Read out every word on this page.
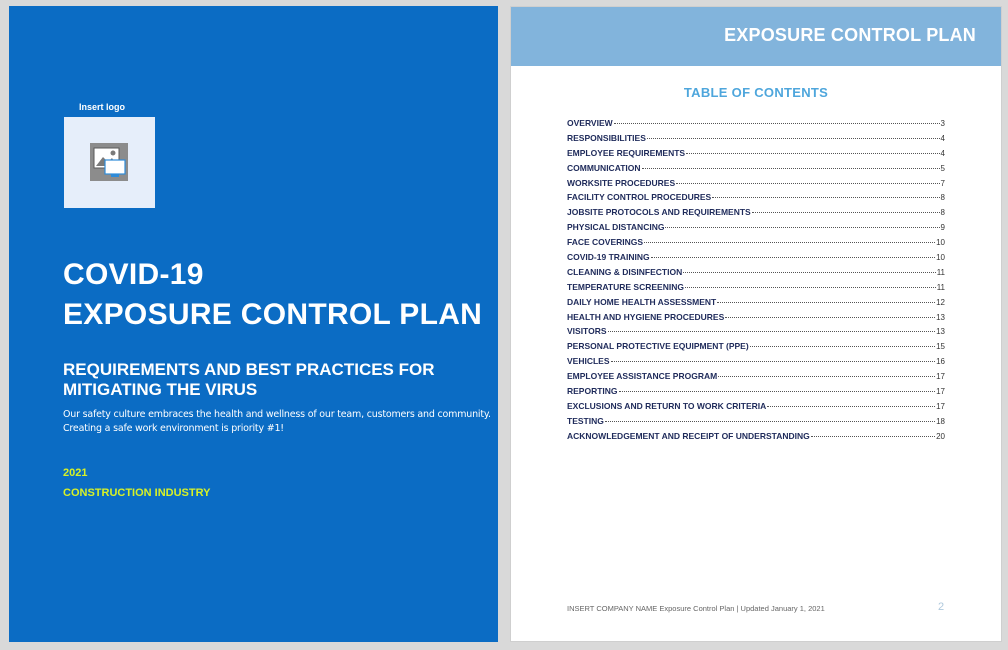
Insert logo
COVID-19
EXPOSURE CONTROL PLAN
REQUIREMENTS AND BEST PRACTICES FOR
MITIGATING THE VIRUS
Our safety culture embraces the health and wellness of our team, customers and community.
Creating a safe work environment is priority #1!
2021
CONSTRUCTION INDUSTRY
EXPOSURE CONTROL PLAN
TABLE OF CONTENTS
OVERVIEW	3
RESPONSIBILITIES	4
EMPLOYEE REQUIREMENTS	4
COMMUNICATION	5
WORKSITE PROCEDURES	7
FACILITY CONTROL PROCEDURES	8
JOBSITE PROTOCOLS AND REQUIREMENTS	8
PHYSICAL DISTANCING	9
FACE COVERINGS	10
COVID-19 TRAINING	10
CLEANING & DISINFECTION	11
TEMPERATURE SCREENING	11
DAILY HOME HEALTH ASSESSMENT	12
HEALTH AND HYGIENE PROCEDURES	13
VISITORS	13
PERSONAL PROTECTIVE EQUIPMENT (PPE)	15
VEHICLES	16
EMPLOYEE ASSISTANCE PROGRAM	17
REPORTING	17
EXCLUSIONS AND RETURN TO WORK CRITERIA	17
TESTING	18
ACKNOWLEDGEMENT AND RECEIPT OF UNDERSTANDING	20
INSERT COMPANY NAME Exposure Control Plan | Updated January 1, 2021	2
